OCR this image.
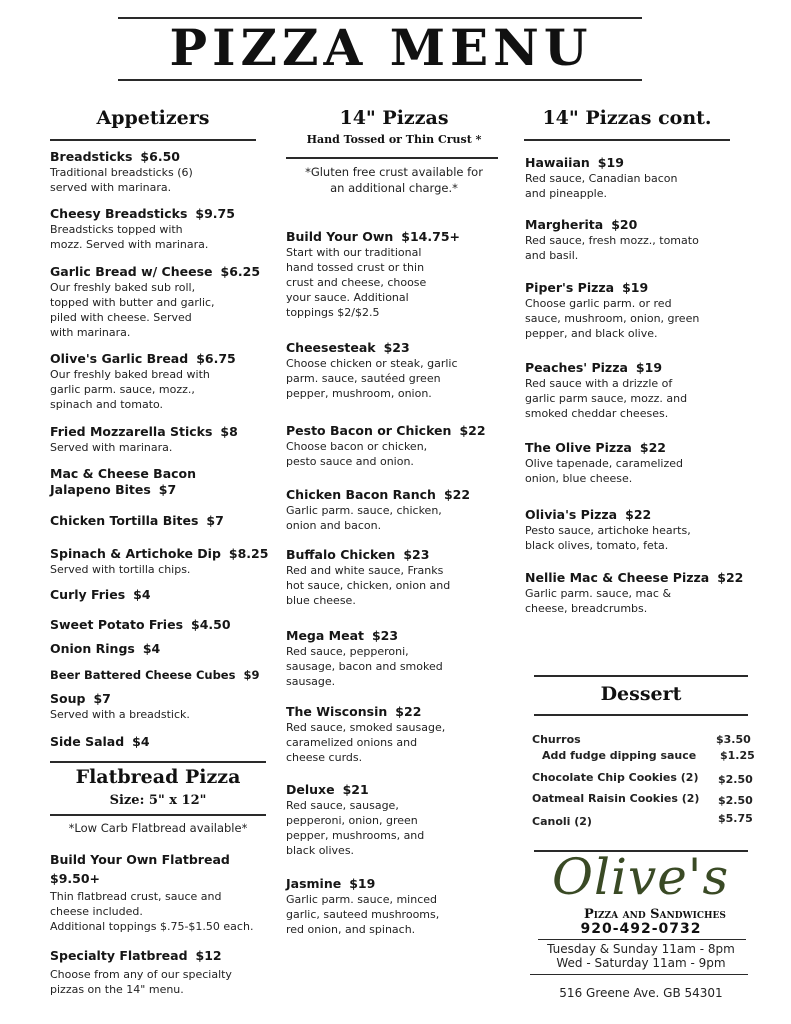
PIZZA MENU
Appetizers
Breadsticks $6.50
Traditional breadsticks (6)
served with marinara.
Cheesy Breadsticks $9.75
Breadsticks topped with
mozz. Served with marinara.
Garlic Bread w/ Cheese $6.25
Our freshly baked sub roll,
topped with butter and garlic,
piled with cheese. Served
with marinara.
Olive's Garlic Bread $6.75
Our freshly baked bread with
garlic parm. sauce, mozz.,
spinach and tomato.
Fried Mozzarella Sticks $8
Served with marinara.
Mac & Cheese Bacon
Jalapeno Bites $7
Chicken Tortilla Bites $7
Spinach & Artichoke Dip $8.25
Served with tortilla chips.
Curly Fries $4
Sweet Potato Fries $4.50
Onion Rings $4
Beer Battered Cheese Cubes $9
Soup $7
Served with a breadstick.
Side Salad $4
Flatbread Pizza
Size: 5" x 12"
*Low Carb Flatbread available*
Build Your Own Flatbread
$9.50+
Thin flatbread crust, sauce and
cheese included.
Additional toppings $.75-$1.50 each.
Specialty Flatbread $12
Choose from any of our specialty
pizzas on the 14" menu.
14" Pizzas
Hand Tossed or Thin Crust *
*Gluten free crust available for
an additional charge.*
Build Your Own $14.75+
Start with our traditional
hand tossed crust or thin
crust and cheese, choose
your sauce. Additional
toppings $2/$2.5
Cheesesteak $23
Choose chicken or steak, garlic
parm. sauce, sautéed green
pepper, mushroom, onion.
Pesto Bacon or Chicken $22
Choose bacon or chicken,
pesto sauce and onion.
Chicken Bacon Ranch $22
Garlic parm. sauce, chicken,
onion and bacon.
Buffalo Chicken $23
Red and white sauce, Franks
hot sauce, chicken, onion and
blue cheese.
Mega Meat $23
Red sauce, pepperoni,
sausage, bacon and smoked
sausage.
The Wisconsin $22
Red sauce, smoked sausage,
caramelized onions and
cheese curds.
Deluxe $21
Red sauce, sausage,
pepperoni, onion, green
pepper, mushrooms, and
black olives.
Jasmine $19
Garlic parm. sauce, minced
garlic, sauteed mushrooms,
red onion, and spinach.
14" Pizzas cont.
Hawaiian $19
Red sauce, Canadian bacon
and pineapple.
Margherita $20
Red sauce, fresh mozz., tomato
and basil.
Piper's Pizza $19
Choose garlic parm. or red
sauce, mushroom, onion, green
pepper, and black olive.
Peaches' Pizza $19
Red sauce with a drizzle of
garlic parm sauce, mozz. and
smoked cheddar cheeses.
The Olive Pizza $22
Olive tapenade, caramelized
onion, blue cheese.
Olivia's Pizza $22
Pesto sauce, artichoke hearts,
black olives, tomato, feta.
Nellie Mac & Cheese Pizza $22
Garlic parm. sauce, mac &
cheese, breadcrumbs.
Dessert
Churros	$3.50
Add fudge dipping sauce $1.25
Chocolate Chip Cookies (2) $2.50
Oatmeal Raisin Cookies (2) $2.50
Canoli (2)	$5.75
Olive's
Pizza and Sandwiches
920-492-0732
Tuesday & Sunday 11am - 8pm
Wed - Saturday 11am - 9pm
516 Greene Ave. GB 54301
